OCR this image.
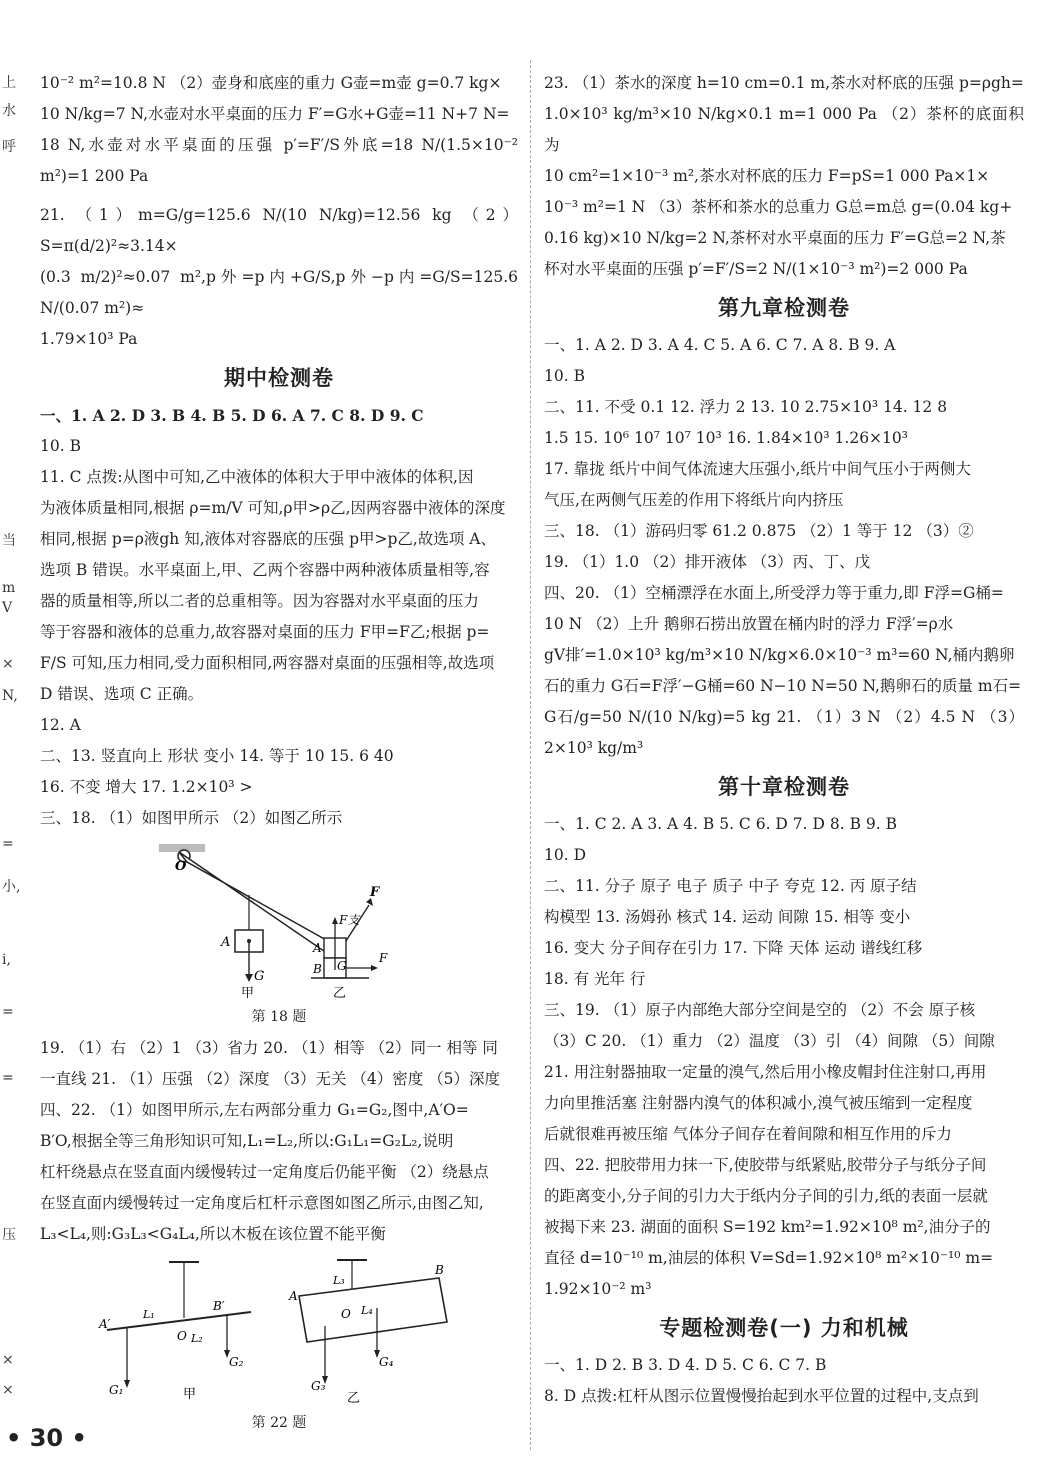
上
水
呼
当
m
V
×
N,
=
小,
i,
=
=
压
×
×

10⁻² m²=10.8 N （2）壶身和底座的重力 G壶=m壶 g=0.7 kg×

10 N/kg=7 N,水壶对水平桌面的压力 F′=G水+G壶=11 N+7 N=

18 N,水壶对水平桌面的压强 p′=F′/S外底=18 N/(1.5×10⁻² m²)=1 200 Pa

21. （1）m=G/g=125.6 N/(10 N/kg)=12.56 kg （2）S=π(d/2)²≈3.14×

(0.3 m/2)²≈0.07 m²,p外=p内+G/S,p外−p内=G/S=125.6 N/(0.07 m²)≈

1.79×10³ Pa

期中检测卷

一、1. A 2. D 3. B 4. B 5. D 6. A 7. C 8. D 9. C

10. B

11. C 点拨:从图中可知,乙中液体的体积大于甲中液体的体积,因

为液体质量相同,根据 ρ=m/V 可知,ρ甲>ρ乙,因两容器中液体的深度

相同,根据 p=ρ液gh 知,液体对容器底的压强 p甲>p乙,故选项 A、

选项 B 错误。水平桌面上,甲、乙两个容器中两种液体质量相等,容

器的质量相等,所以二者的总重相等。因为容器对水平桌面的压力

等于容器和液体的总重力,故容器对桌面的压力 F甲=F乙;根据 p=

F/S 可知,压力相同,受力面积相同,两容器对桌面的压强相等,故选项

D 错误、选项 C 正确。

12. A

二、13. 竖直向上 形状 变小 14. 等于 10 15. 6 40

16. 不变 增大 17. 1.2×10³ >

三、18. （1）如图甲所示 （2）如图乙所示

O
F
A
G
甲
A
B
F支
G
F
乙
第 18 题

19. （1）右 （2）1 （3）省力 20. （1）相等 （2）同一 相等 同

一直线 21. （1）压强 （2）深度 （3）无关 （4）密度 （5）深度

四、22. （1）如图甲所示,左右两部分重力 G₁=G₂,图中,A′O=

B′O,根据全等三角形知识可知,L₁=L₂,所以:G₁L₁=G₂L₂,说明

杠杆绕悬点在竖直面内缓慢转过一定角度后仍能平衡 （2）绕悬点

在竖直面内缓慢转过一定角度后杠杆示意图如图乙所示,由图乙知,

L₃<L₄,则:G₃L₃<G₄L₄,所以木板在该位置不能平衡

A′
B′
O
L₁
L₂
G₁
G₂
甲
A
B
O
L₃
L₄
G₃
G₄
乙
第 22 题

23. （1）茶水的深度 h=10 cm=0.1 m,茶水对杯底的压强 p=ρgh=

1.0×10³ kg/m³×10 N/kg×0.1 m=1 000 Pa （2）茶杯的底面积为

10 cm²=1×10⁻³ m²,茶水对杯底的压力 F=pS=1 000 Pa×1×

10⁻³ m²=1 N （3）茶杯和茶水的总重力 G总=m总 g=(0.04 kg+

0.16 kg)×10 N/kg=2 N,茶杯对水平桌面的压力 F′=G总=2 N,茶

杯对水平桌面的压强 p′=F′/S=2 N/(1×10⁻³ m²)=2 000 Pa

第九章检测卷

一、1. A 2. D 3. A 4. C 5. A 6. C 7. A 8. B 9. A

10. B

二、11. 不受 0.1 12. 浮力 2 13. 10 2.75×10³ 14. 12 8

1.5 15. 10⁶ 10⁷ 10⁷ 10³ 16. 1.84×10³ 1.26×10³

17. 靠拢 纸片中间气体流速大压强小,纸片中间气压小于两侧大

气压,在两侧气压差的作用下将纸片向内挤压

三、18. （1）游码归零 61.2 0.875 （2）1 等于 12 （3）②

19. （1）1.0 （2）排开液体 （3）丙、丁、戊

四、20. （1）空桶漂浮在水面上,所受浮力等于重力,即 F浮=G桶=

10 N （2）上升 鹅卵石捞出放置在桶内时的浮力 F浮′=ρ水

gV排′=1.0×10³ kg/m³×10 N/kg×6.0×10⁻³ m³=60 N,桶内鹅卵

石的重力 G石=F浮′−G桶=60 N−10 N=50 N,鹅卵石的质量 m石=

G石/g=50 N/(10 N/kg)=5 kg 21. （1）3 N （2）4.5 N （3）2×10³ kg/m³

第十章检测卷

一、1. C 2. A 3. A 4. B 5. C 6. D 7. D 8. B 9. B

10. D

二、11. 分子 原子 电子 质子 中子 夸克 12. 丙 原子结

构模型 13. 汤姆孙 核式 14. 运动 间隙 15. 相等 变小

16. 变大 分子间存在引力 17. 下降 天体 运动 谱线红移

18. 有 光年 行

三、19. （1）原子内部绝大部分空间是空的 （2）不会 原子核

（3）C 20. （1）重力 （2）温度 （3）引 （4）间隙 （5）间隙

21. 用注射器抽取一定量的溴气,然后用小橡皮帽封住注射口,再用

力向里推活塞 注射器内溴气的体积减小,溴气被压缩到一定程度

后就很难再被压缩 气体分子间存在着间隙和相互作用的斥力

四、22. 把胶带用力抹一下,使胶带与纸紧贴,胶带分子与纸分子间

的距离变小,分子间的引力大于纸内分子间的引力,纸的表面一层就

被揭下来 23. 湖面的面积 S=192 km²=1.92×10⁸ m²,油分子的

直径 d=10⁻¹⁰ m,油层的体积 V=Sd=1.92×10⁸ m²×10⁻¹⁰ m=

1.92×10⁻² m³

专题检测卷(一) 力和机械

一、1. D 2. B 3. D 4. D 5. C 6. C 7. B

8. D 点拨:杠杆从图示位置慢慢抬起到水平位置的过程中,支点到

• 30 •
